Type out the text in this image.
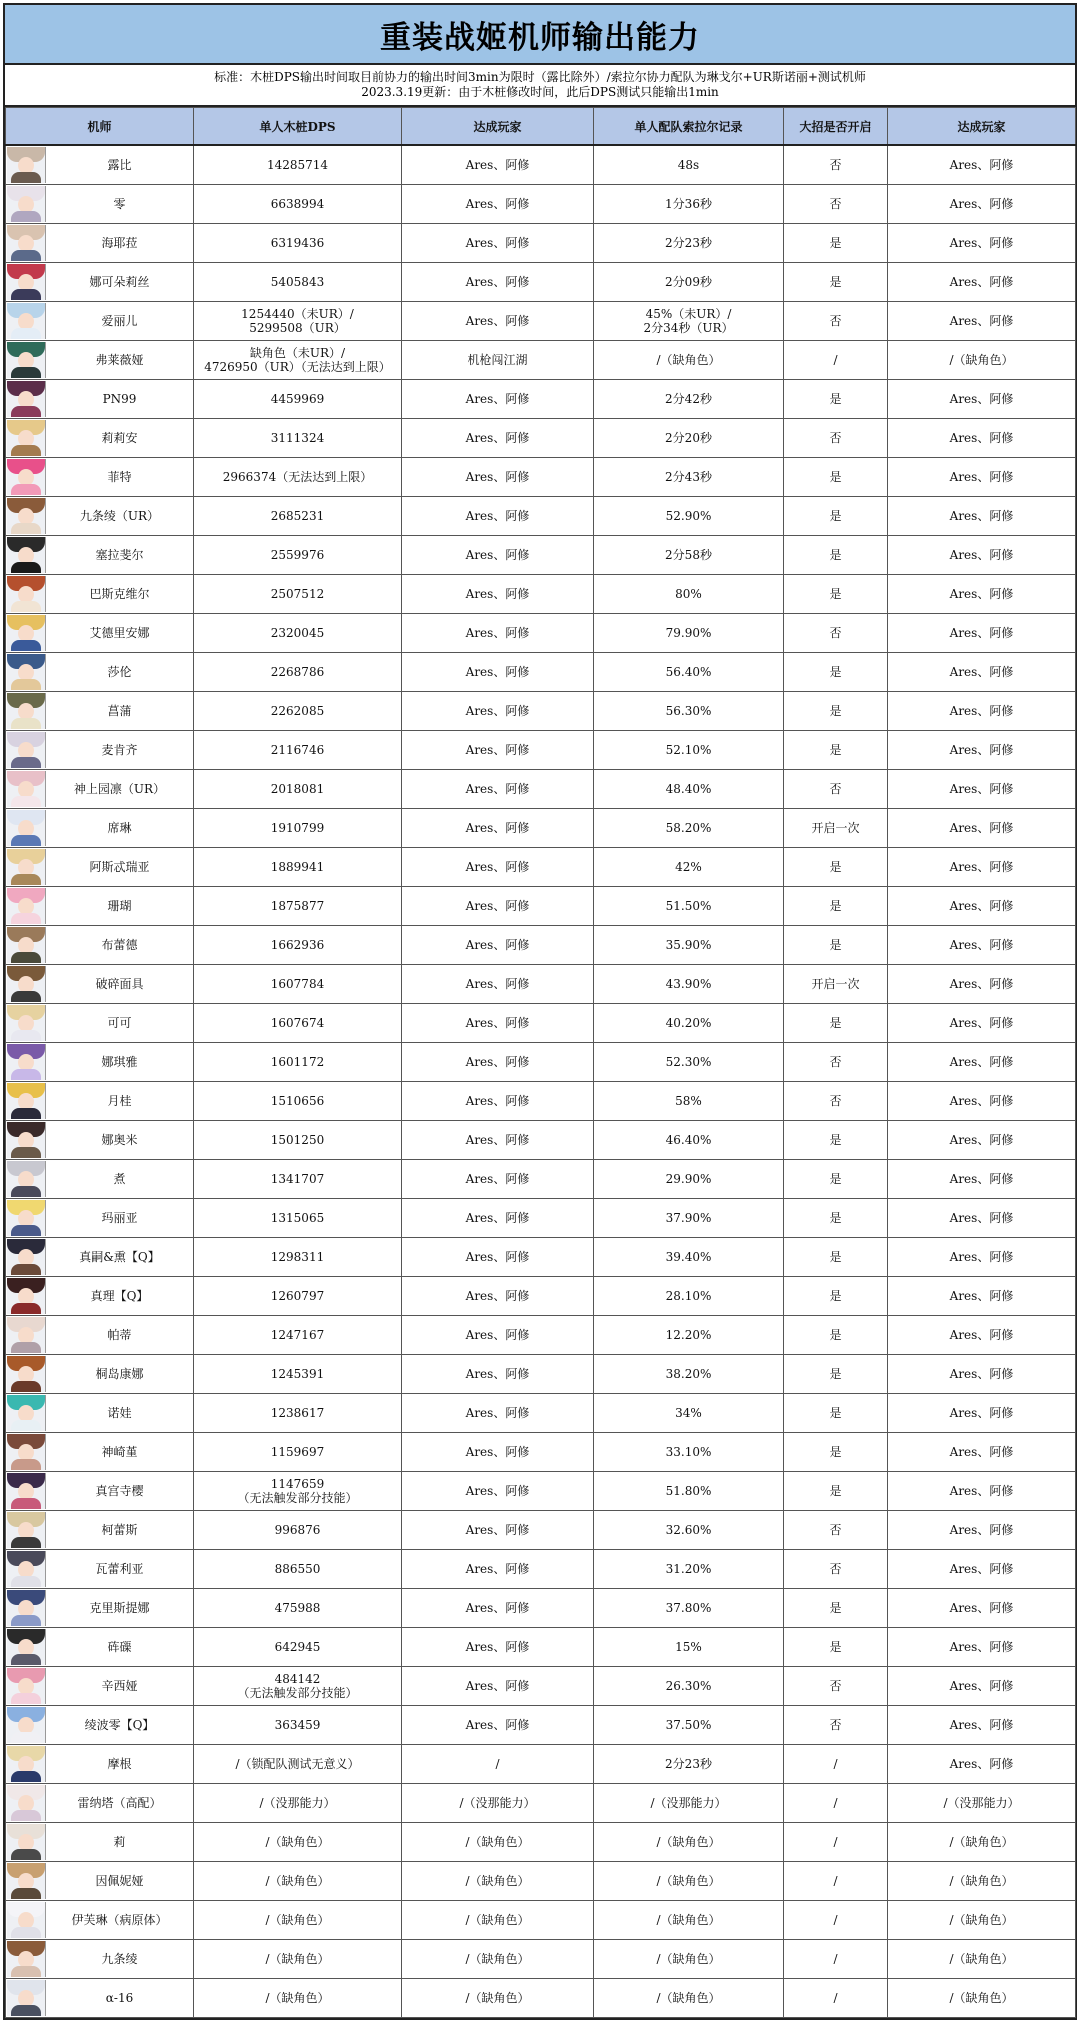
重装战姬机师输出能力
标准：木桩DPS输出时间取目前协力的输出时间3min为限时（露比除外）/索拉尔协力配队为琳戈尔+UR斯诺丽+测试机师
2023.3.19更新：由于木桩修改时间，此后DPS测试只能输出1min
机师	单人木桩DPS	达成玩家	单人配队索拉尔记录	大招是否开启	达成玩家

露比	14285714	Ares、阿修	48s	否	Ares、阿修

零	6638994	Ares、阿修	1分36秒	否	Ares、阿修

海耶菈	6319436	Ares、阿修	2分23秒	是	Ares、阿修

娜可朵莉丝	5405843	Ares、阿修	2分09秒	是	Ares、阿修

爱丽儿	1254440（未UR）/
5299508（UR）	Ares、阿修	45%（未UR）/
2分34秒（UR）	否	Ares、阿修

弗莱薇娅	缺角色（未UR）/
4726950（UR）（无法达到上限）	机枪闯江湖	/（缺角色）	/	/（缺角色）

PN99	4459969	Ares、阿修	2分42秒	是	Ares、阿修

莉莉安	3111324	Ares、阿修	2分20秒	否	Ares、阿修

菲特	2966374（无法达到上限）	Ares、阿修	2分43秒	是	Ares、阿修

九条绫（UR）	2685231	Ares、阿修	52.90%	是	Ares、阿修

塞拉斐尔	2559976	Ares、阿修	2分58秒	是	Ares、阿修

巴斯克维尔	2507512	Ares、阿修	80%	是	Ares、阿修

艾德里安娜	2320045	Ares、阿修	79.90%	否	Ares、阿修

莎伦	2268786	Ares、阿修	56.40%	是	Ares、阿修

菖蒲	2262085	Ares、阿修	56.30%	是	Ares、阿修

麦肯齐	2116746	Ares、阿修	52.10%	是	Ares、阿修

神上园凛（UR）	2018081	Ares、阿修	48.40%	否	Ares、阿修

席琳	1910799	Ares、阿修	58.20%	开启一次	Ares、阿修

阿斯忒瑞亚	1889941	Ares、阿修	42%	是	Ares、阿修

珊瑚	1875877	Ares、阿修	51.50%	是	Ares、阿修

布蕾德	1662936	Ares、阿修	35.90%	是	Ares、阿修

破碎面具	1607784	Ares、阿修	43.90%	开启一次	Ares、阿修

可可	1607674	Ares、阿修	40.20%	是	Ares、阿修

娜琪雅	1601172	Ares、阿修	52.30%	否	Ares、阿修

月桂	1510656	Ares、阿修	58%	否	Ares、阿修

娜奥米	1501250	Ares、阿修	46.40%	是	Ares、阿修

煮	1341707	Ares、阿修	29.90%	是	Ares、阿修

玛丽亚	1315065	Ares、阿修	37.90%	是	Ares、阿修

真嗣&熏【Q】	1298311	Ares、阿修	39.40%	是	Ares、阿修

真理【Q】	1260797	Ares、阿修	28.10%	是	Ares、阿修

帕蒂	1247167	Ares、阿修	12.20%	是	Ares、阿修

桐岛康娜	1245391	Ares、阿修	38.20%	是	Ares、阿修

诺娃	1238617	Ares、阿修	34%	是	Ares、阿修

神崎堇	1159697	Ares、阿修	33.10%	是	Ares、阿修

真宫寺樱	1147659
（无法触发部分技能）	Ares、阿修	51.80%	是	Ares、阿修

柯蕾斯	996876	Ares、阿修	32.60%	否	Ares、阿修

瓦蕾利亚	886550	Ares、阿修	31.20%	否	Ares、阿修

克里斯提娜	475988	Ares、阿修	37.80%	是	Ares、阿修

砗磲	642945	Ares、阿修	15%	是	Ares、阿修

辛西娅	484142
（无法触发部分技能）	Ares、阿修	26.30%	否	Ares、阿修

绫波零【Q】	363459	Ares、阿修	37.50%	否	Ares、阿修

摩根	/（锁配队测试无意义）	/	2分23秒	/	Ares、阿修

雷纳塔（高配）	/（没那能力）	/（没那能力）	/（没那能力）	/	/（没那能力）

莉	/（缺角色）	/（缺角色）	/（缺角色）	/	/（缺角色）

因佩妮娅	/（缺角色）	/（缺角色）	/（缺角色）	/	/（缺角色）

伊芙琳（病原体）	/（缺角色）	/（缺角色）	/（缺角色）	/	/（缺角色）

九条绫	/（缺角色）	/（缺角色）	/（缺角色）	/	/（缺角色）

α-16	/（缺角色）	/（缺角色）	/（缺角色）	/	/（缺角色）
